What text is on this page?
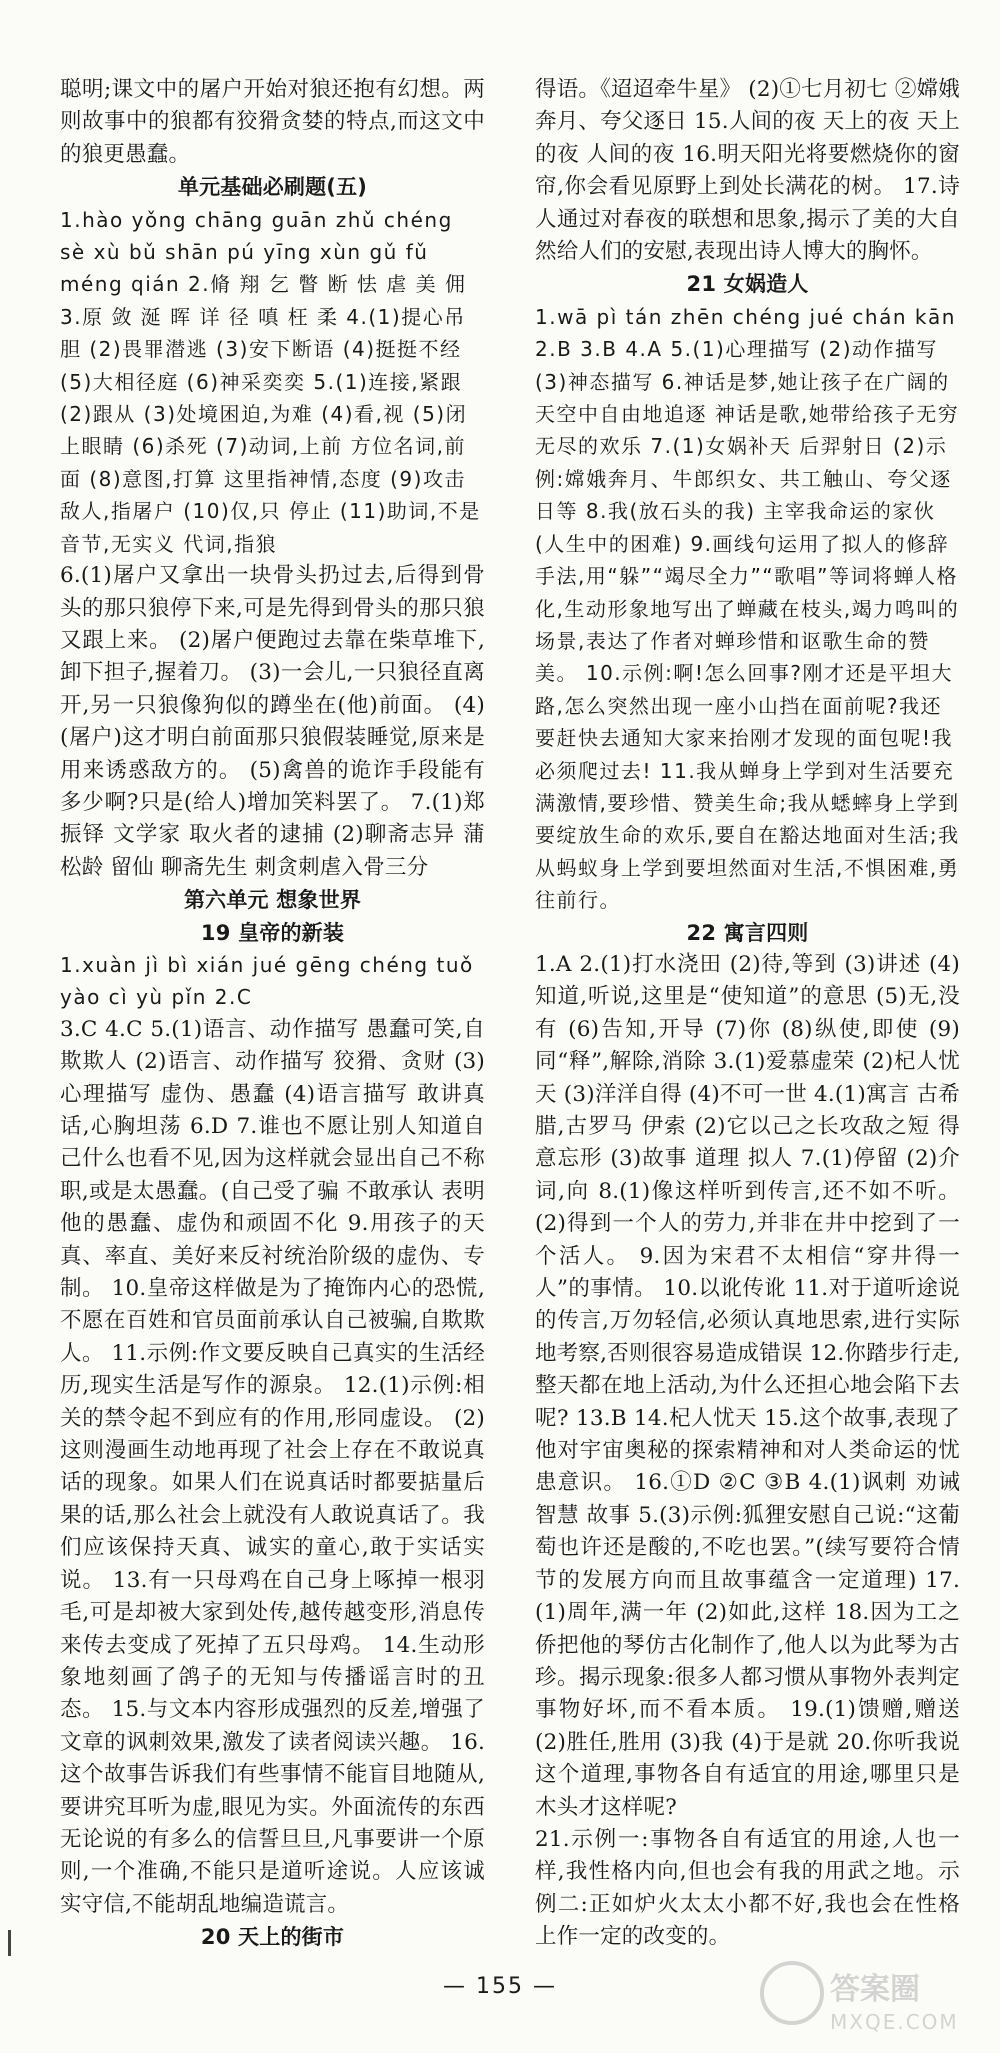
聪明;课文中的屠户开始对狼还抱有幻想。两则故事中的狼都有狡猾贪婪的特点,而这文中的狼更愚蠢。

单元基础必刷题(五)

1.hào yǒng chāng guān zhǔ chéng sè xù bǔ shān pú yīng xùn gǔ fǔ méng qián 2.脩 翔 乞 瞥 断 怯 虐 美 佣 3.原 敛 涎 晖 详 径 嗔 枉 柔 4.(1)提心吊胆 (2)畏罪潜逃 (3)安下断语 (4)挺挺不经 (5)大相径庭 (6)神采奕奕 5.(1)连接,紧跟 (2)跟从 (3)处境困迫,为难 (4)看,视 (5)闭上眼睛 (6)杀死 (7)动词,上前 方位名词,前面 (8)意图,打算 这里指神情,态度 (9)攻击 敌人,指屠户 (10)仅,只 停止 (11)助词,不是音节,无实义 代词,指狼

6.(1)屠户又拿出一块骨头扔过去,后得到骨头的那只狼停下来,可是先得到骨头的那只狼又跟上来。 (2)屠户便跑过去靠在柴草堆下,卸下担子,握着刀。 (3)一会儿,一只狼径直离开,另一只狼像狗似的蹲坐在(他)前面。 (4)(屠户)这才明白前面那只狼假装睡觉,原来是用来诱惑敌方的。 (5)禽兽的诡诈手段能有多少啊?只是(给人)增加笑料罢了。 7.(1)郑振铎 文学家 取火者的逮捕 (2)聊斋志异 蒲松龄 留仙 聊斋先生 刺贪刺虐入骨三分

第六单元 想象世界

19 皇帝的新装

1.xuàn jì bì xián jué gēng chéng tuǒ yào cì yù pǐn 2.C

3.C 4.C 5.(1)语言、动作描写 愚蠢可笑,自欺欺人 (2)语言、动作描写 狡猾、贪财 (3)心理描写 虚伪、愚蠢 (4)语言描写 敢讲真话,心胸坦荡 6.D 7.谁也不愿让别人知道自己什么也看不见,因为这样就会显出自己不称职,或是太愚蠢。(自己受了骗 不敢承认 表明他的愚蠢、虚伪和顽固不化 9.用孩子的天真、率直、美好来反衬统治阶级的虚伪、专制。 10.皇帝这样做是为了掩饰内心的恐慌,不愿在百姓和官员面前承认自己被骗,自欺欺人。 11.示例:作文要反映自己真实的生活经历,现实生活是写作的源泉。 12.(1)示例:相关的禁令起不到应有的作用,形同虚设。 (2)这则漫画生动地再现了社会上存在不敢说真话的现象。如果人们在说真话时都要掂量后果的话,那么社会上就没有人敢说真话了。我们应该保持天真、诚实的童心,敢于实话实说。 13.有一只母鸡在自己身上啄掉一根羽毛,可是却被大家到处传,越传越变形,消息传来传去变成了死掉了五只母鸡。 14.生动形象地刻画了鸽子的无知与传播谣言时的丑态。 15.与文本内容形成强烈的反差,增强了文章的讽刺效果,激发了读者阅读兴趣。 16.这个故事告诉我们有些事情不能盲目地随从,要讲究耳听为虚,眼见为实。外面流传的东西无论说的有多么的信誓旦旦,凡事要讲一个原则,一个准确,不能只是道听途说。人应该诚实守信,不能胡乱地编造谎言。

20 天上的街市

得语。《迢迢牵牛星》 (2)①七月初七 ②嫦娥奔月、夸父逐日 15.人间的夜 天上的夜 天上的夜 人间的夜 16.明天阳光将要燃烧你的窗帘,你会看见原野上到处长满花的树。 17.诗人通过对春夜的联想和思象,揭示了美的大自然给人们的安慰,表现出诗人博大的胸怀。

21 女娲造人

1.wā pì tán zhēn chéng jué chán kān 2.B 3.B 4.A 5.(1)心理描写 (2)动作描写 (3)神态描写 6.神话是梦,她让孩子在广阔的天空中自由地追逐 神话是歌,她带给孩子无穷无尽的欢乐 7.(1)女娲补天 后羿射日 (2)示例:嫦娥奔月、牛郎织女、共工触山、夸父逐日等 8.我(放石头的我) 主宰我命运的家伙(人生中的困难) 9.画线句运用了拟人的修辞手法,用“躲”“竭尽全力”“歌唱”等词将蝉人格化,生动形象地写出了蝉藏在枝头,竭力鸣叫的场景,表达了作者对蝉珍惜和讴歌生命的赞美。 10.示例:啊!怎么回事?刚才还是平坦大路,怎么突然出现一座小山挡在面前呢?我还要赶快去通知大家来抬刚才发现的面包呢!我必须爬过去! 11.我从蝉身上学到对生活要充满激情,要珍惜、赞美生命;我从蟋蟀身上学到要绽放生命的欢乐,要自在豁达地面对生活;我从蚂蚁身上学到要坦然面对生活,不惧困难,勇往前行。

22 寓言四则

1.A 2.(1)打水浇田 (2)待,等到 (3)讲述 (4)知道,听说,这里是“使知道”的意思 (5)无,没有 (6)告知,开导 (7)你 (8)纵使,即使 (9)同“释”,解除,消除 3.(1)爱慕虚荣 (2)杞人忧天 (3)洋洋自得 (4)不可一世 4.(1)寓言 古希腊,古罗马 伊索 (2)它以己之长攻敌之短 得意忘形 (3)故事 道理 拟人 7.(1)停留 (2)介词,向 8.(1)像这样听到传言,还不如不听。 (2)得到一个人的劳力,并非在井中挖到了一个活人。 9.因为宋君不太相信“穿井得一人”的事情。 10.以讹传讹 11.对于道听途说的传言,万勿轻信,必须认真地思索,进行实际地考察,否则很容易造成错误 12.你踏步行走,整天都在地上活动,为什么还担心地会陷下去呢? 13.B 14.杞人忧天 15.这个故事,表现了他对宇宙奥秘的探索精神和对人类命运的忧患意识。 16.①D ②C ③B 4.(1)讽刺 劝诫 智慧 故事 5.(3)示例:狐狸安慰自己说:“这葡萄也许还是酸的,不吃也罢。”(续写要符合情节的发展方向而且故事蕴含一定道理) 17.(1)周年,满一年 (2)如此,这样 18.因为工之侨把他的琴仿古化制作了,他人以为此琴为古珍。揭示现象:很多人都习惯从事物外表判定事物好坏,而不看本质。 19.(1)馈赠,赠送 (2)胜任,胜用 (3)我 (4)于是就 20.你听我说这个道理,事物各自有适宜的用途,哪里只是木头才这样呢?

21.示例一:事物各自有适宜的用途,人也一样,我性格内向,但也会有我的用武之地。示例二:正如炉火太太小都不好,我也会在性格上作一定的改变的。

— 155 —	答案圈
MXQE.COM
